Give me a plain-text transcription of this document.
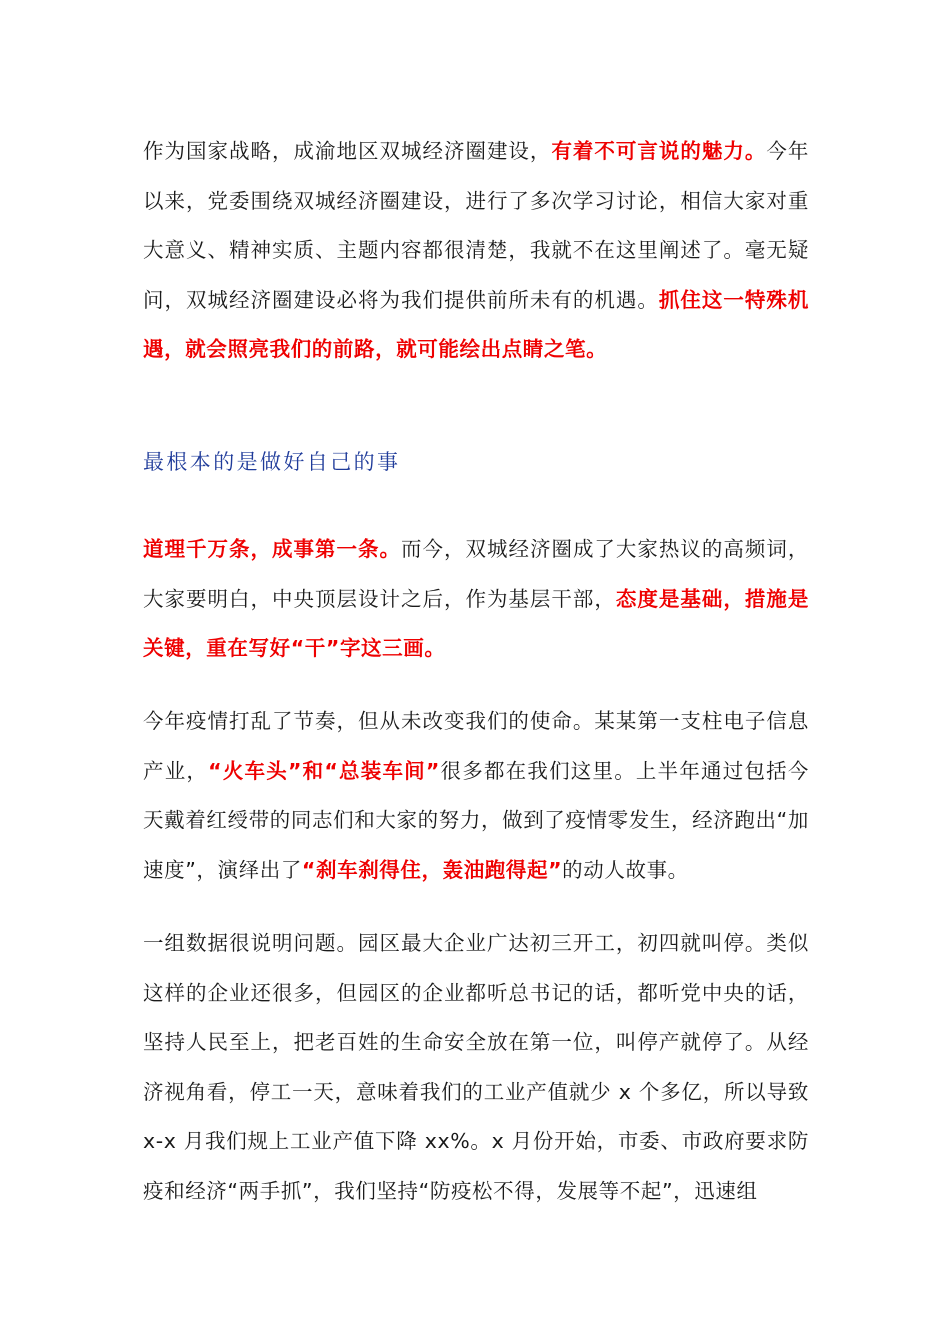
作为国家战略，成渝地区双城经济圈建设，有着不可言说的魅力。今年以来，党委围绕双城经济圈建设，进行了多次学习讨论，相信大家对重大意义、精神实质、主题内容都很清楚，我就不在这里阐述了。毫无疑问，双城经济圈建设必将为我们提供前所未有的机遇。抓住这一特殊机遇，就会照亮我们的前路，就可能绘出点睛之笔。

最根本的是做好自己的事

道理千万条，成事第一条。而今，双城经济圈成了大家热议的高频词，大家要明白，中央顶层设计之后，作为基层干部，态度是基础，措施是关键，重在写好“干”字这三画。

今年疫情打乱了节奏，但从未改变我们的使命。某某第一支柱电子信息产业，“火车头”和“总装车间”很多都在我们这里。上半年通过包括今天戴着红绶带的同志们和大家的努力，做到了疫情零发生，经济跑出“加速度”，演绎出了“刹车刹得住，轰油跑得起”的动人故事。

一组数据很说明问题。园区最大企业广达初三开工，初四就叫停。类似这样的企业还很多，但园区的企业都听总书记的话，都听党中央的话，坚持人民至上，把老百姓的生命安全放在第一位，叫停产就停了。从经济视角看，停工一天，意味着我们的工业产值就少 x 个多亿，所以导致 x-x 月我们规上工业产值下降 xx%。x 月份开始，市委、市政府要求防疫和经济“两手抓”，我们坚持“防疫松不得，发展等不起”，迅速组
